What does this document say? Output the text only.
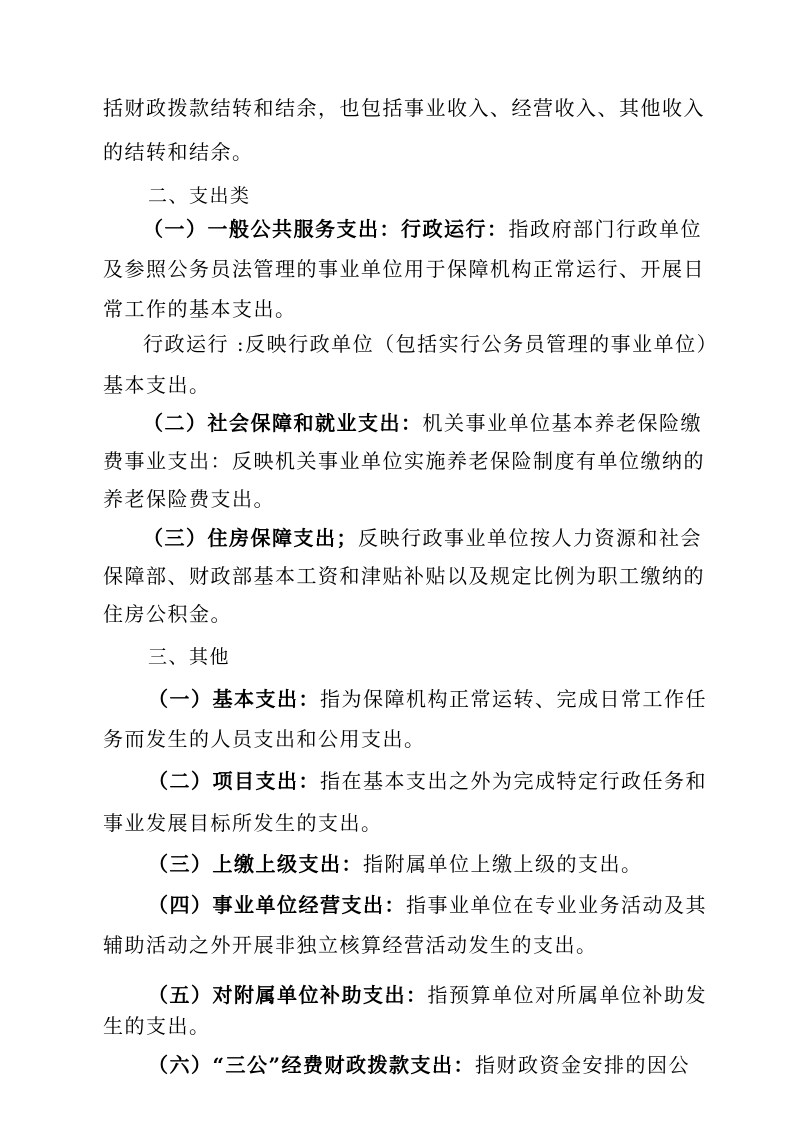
括财政拨款结转和结余，也包括事业收入、经营收入、其他收入
的结转和结余。
二、支出类
（一）一般公共服务支出：行政运行：指政府部门行政单位
及参照公务员法管理的事业单位用于保障机构正常运行、开展日
常工作的基本支出。
行政运行 :反映行政单位（包括实行公务员管理的事业单位）
基本支出。
（二）社会保障和就业支出：机关事业单位基本养老保险缴
费事业支出：反映机关事业单位实施养老保险制度有单位缴纳的
养老保险费支出。
（三）住房保障支出；反映行政事业单位按人力资源和社会
保障部、财政部基本工资和津贴补贴以及规定比例为职工缴纳的
住房公积金。
三、其他
（一）基本支出：指为保障机构正常运转、完成日常工作任
务而发生的人员支出和公用支出。
（二）项目支出：指在基本支出之外为完成特定行政任务和
事业发展目标所发生的支出。
（三）上缴上级支出：指附属单位上缴上级的支出。
（四）事业单位经营支出：指事业单位在专业业务活动及其
辅助活动之外开展非独立核算经营活动发生的支出。
（五）对附属单位补助支出：指预算单位对所属单位补助发
生的支出。
（六）“三公”经费财政拨款支出：指财政资金安排的因公
